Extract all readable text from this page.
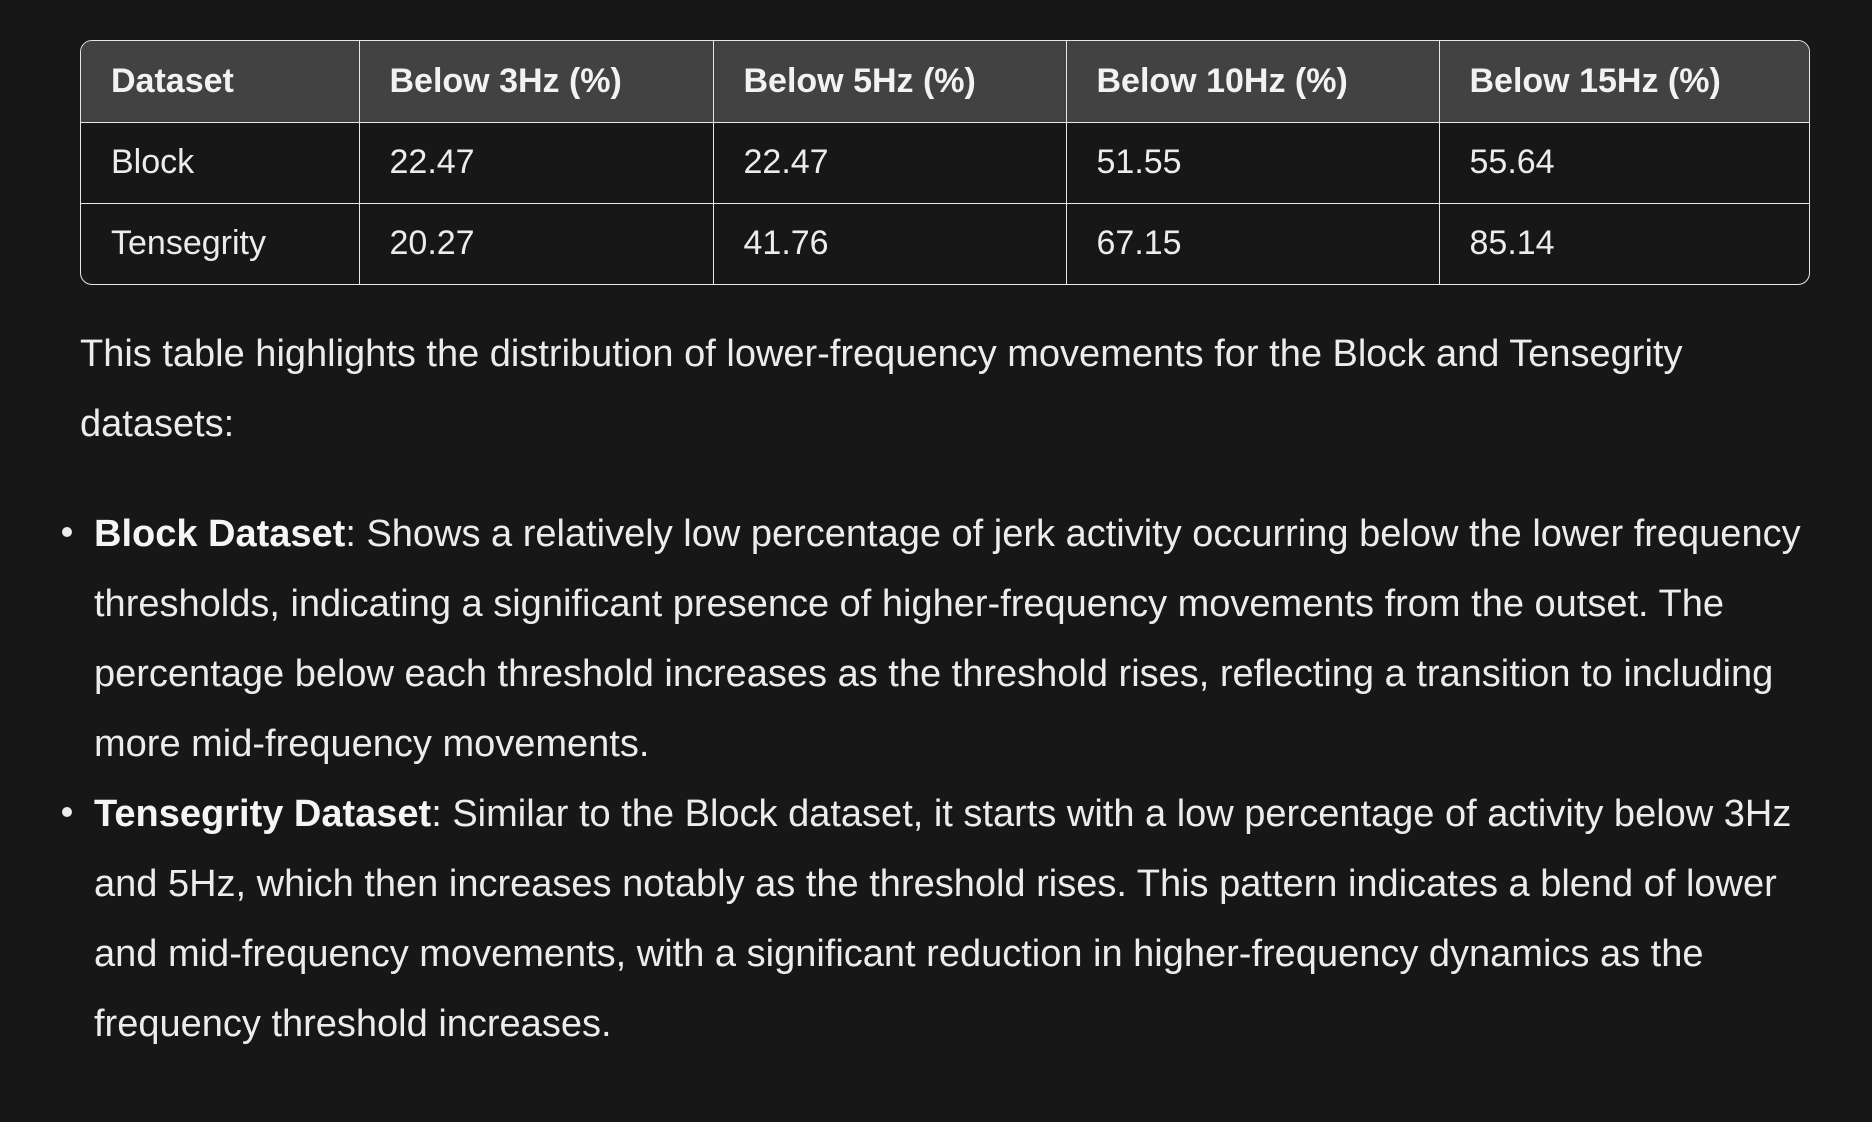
Dataset	Below 3Hz (%)	Below 5Hz (%)	Below 10Hz (%)	Below 15Hz (%)
Block	22.47	22.47	51.55	55.64
Tensegrity	20.27	41.76	67.15	85.14

This table highlights the distribution of lower-frequency movements for the Block and Tensegrity datasets:

Block Dataset: Shows a relatively low percentage of jerk activity occurring below the lower frequency thresholds, indicating a significant presence of higher-frequency movements from the outset. The percentage below each threshold increases as the threshold rises, reflecting a transition to including more mid-frequency movements.
Tensegrity Dataset: Similar to the Block dataset, it starts with a low percentage of activity below 3Hz and 5Hz, which then increases notably as the threshold rises. This pattern indicates a blend of lower and mid-frequency movements, with a significant reduction in higher-frequency dynamics as the frequency threshold increases.
